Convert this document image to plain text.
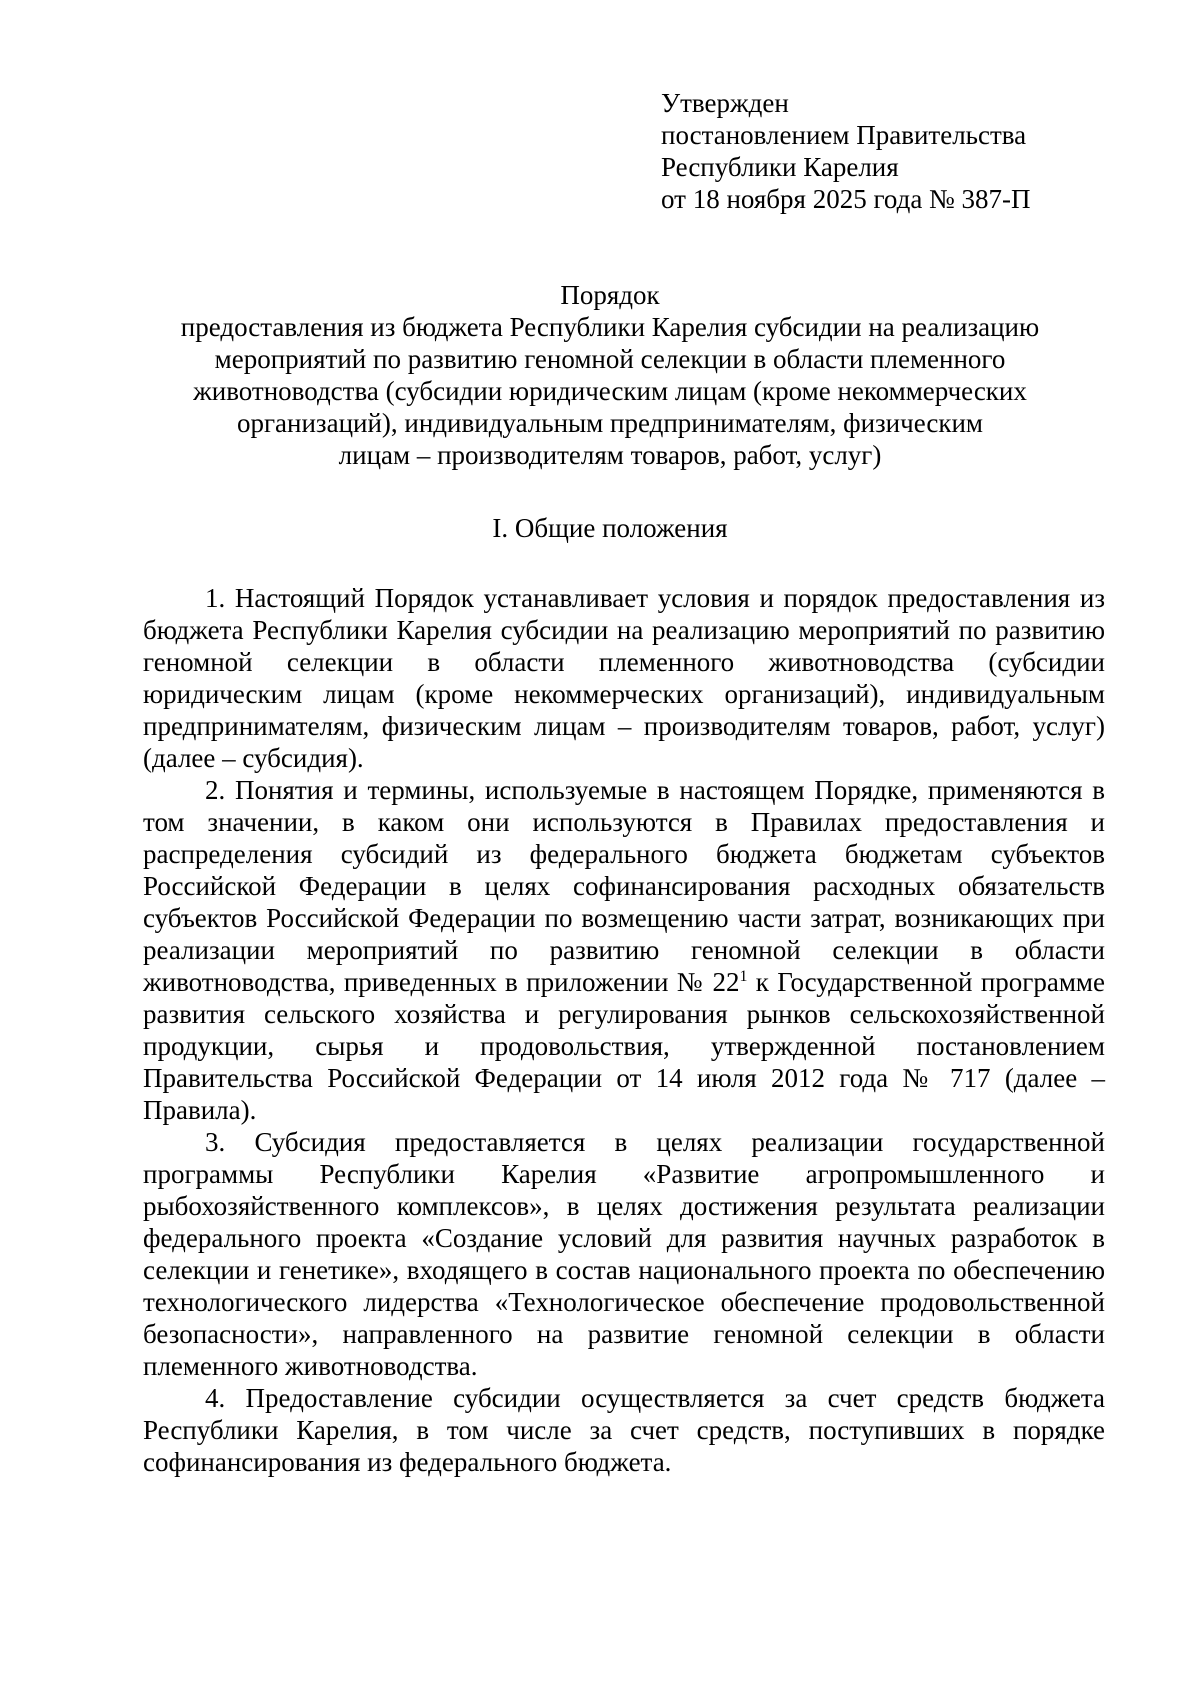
Утвержден
постановлением Правительства
Республики Карелия
от 18 ноября 2025 года № 387-П
Порядок
предоставления из бюджета Республики Карелия субсидии на реализацию
мероприятий по развитию геномной селекции в области племенного
животноводства (субсидии юридическим лицам (кроме некоммерческих
организаций), индивидуальным предпринимателям, физическим
лицам – производителям товаров, работ, услуг)
I. Общие положения

1. Настоящий Порядок устанавливает условия и порядок предоставления из бюджета Республики Карелия субсидии на реализацию мероприятий по развитию геномной селекции в области племенного животноводства (субсидии юридическим лицам (кроме некоммерческих организаций), индивидуальным предпринимателям, физическим лицам – производителям товаров, работ, услуг) (далее – субсидия).

2. Понятия и термины, используемые в настоящем Порядке, применяются в том значении, в каком они используются в Правилах предоставления и распределения субсидий из федерального бюджета бюджетам субъектов Российской Федерации в целях софинансирования расходных обязательств субъектов Российской Федерации по возмещению части затрат, возникающих при реализации мероприятий по развитию геномной селекции в области животноводства, приведенных в приложении № $22^1$ к Государственной программе развития сельского хозяйства и регулирования рынков сельскохозяйственной продукции, сырья и продовольствия, утвержденной постановлением Правительства Российской Федерации от 14 июля 2012 года № 717 (далее – Правила).

3. Субсидия предоставляется в целях реализации государственной программы Республики Карелия «Развитие агропромышленного и рыбохозяйственного комплексов», в целях достижения результата реализации федерального проекта «Создание условий для развития научных разработок в селекции и генетике», входящего в состав национального проекта по обеспечению технологического лидерства «Технологическое обеспечение продовольственной безопасности», направленного на развитие геномной селекции в области племенного животноводства.

4. Предоставление субсидии осуществляется за счет средств бюджета Республики Карелия, в том числе за счет средств, поступивших в порядке софинансирования из федерального бюджета.
